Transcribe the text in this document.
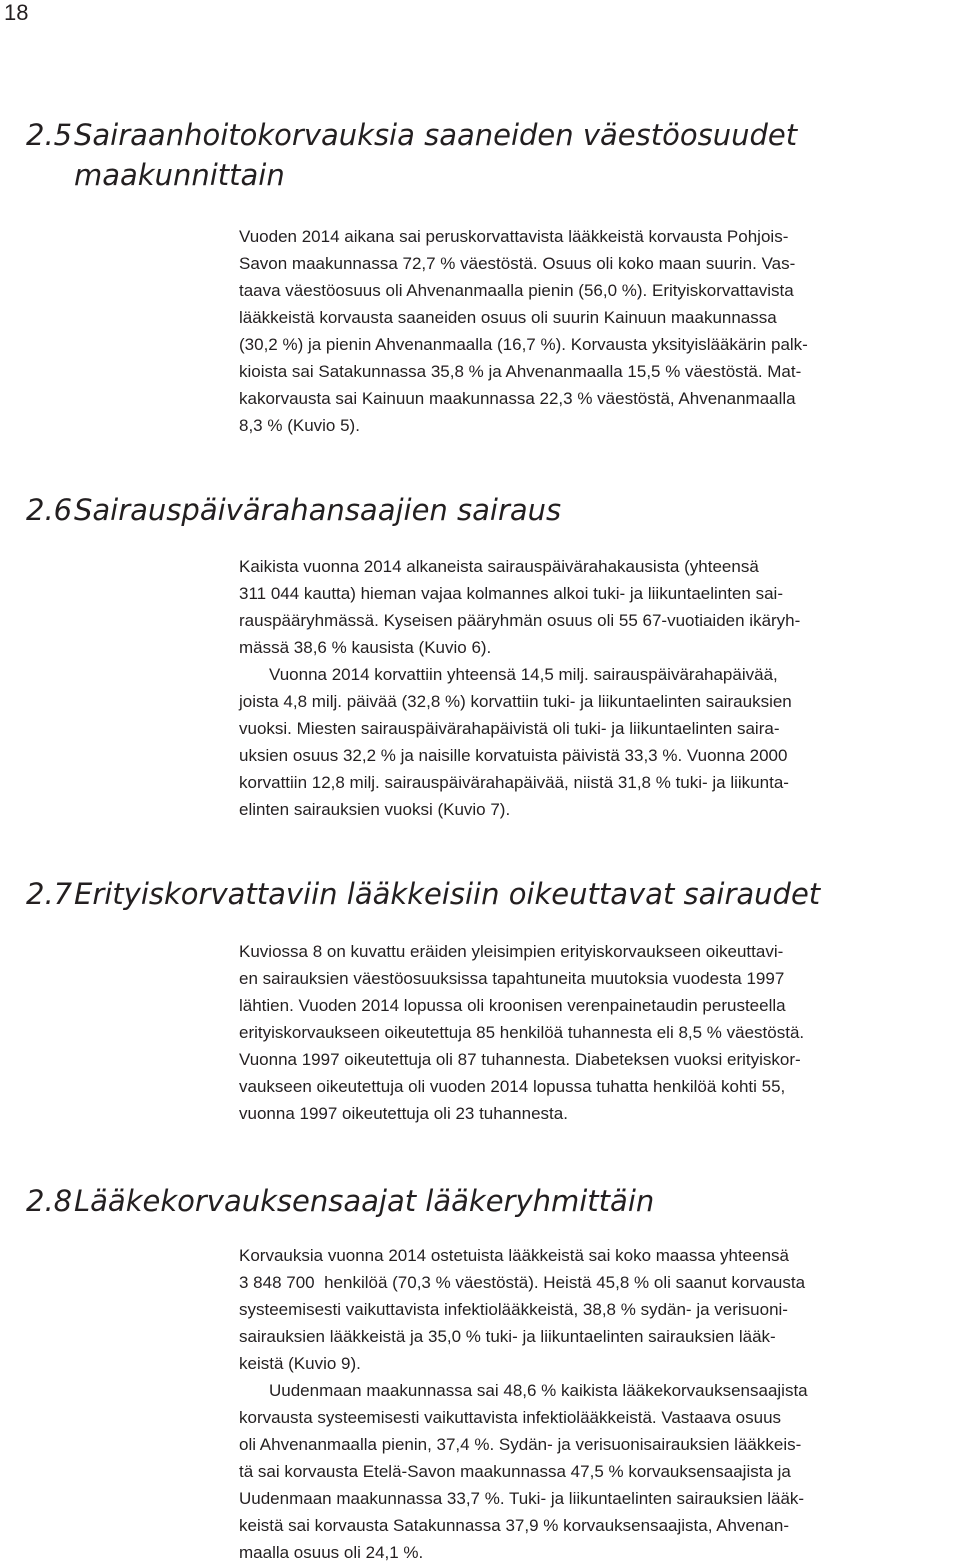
18
2.5Sairaanhoitokorvauksia saaneiden väestöosuudet
maakunnittain

Vuoden 2014 aikana sai peruskorvattavista lääkkeistä korvausta Pohjois-
Savon maakunnassa 72,7 % väestöstä. Osuus oli koko maan suurin. Vas-
taava väestöosuus oli Ahvenanmaalla pienin (56,0 %). Erityiskorvattavista
lääkkeistä korvausta saaneiden osuus oli suurin Kainuun maakunnassa
(30,2 %) ja pienin Ahvenanmaalla (16,7 %). Korvausta yksityislääkärin palk-
kioista sai Satakunnassa 35,8 % ja Ahvenanmaalla 15,5 % väestöstä. Mat-
kakorvausta sai Kainuun maakunnassa 22,3 % väestöstä, Ahvenanmaalla
8,3 % (Kuvio 5).

2.6Sairauspäivärahansaajien sairaus

Kaikista vuonna 2014 alkaneista sairauspäivärahakausista (yhteensä
311 044 kautta) hieman vajaa kolmannes alkoi tuki- ja liikuntaelinten sai-
rauspääryhmässä. Kyseisen pääryhmän osuus oli 55 67-vuotiaiden ikäryh-
mässä 38,6 % kausista (Kuvio 6).

Vuonna 2014 korvattiin yhteensä 14,5 milj. sairauspäivärahapäivää,
joista 4,8 milj. päivää (32,8 %) korvattiin tuki- ja liikuntaelinten sairauksien
vuoksi. Miesten sairauspäivärahapäivistä oli tuki- ja liikuntaelinten saira-
uksien osuus 32,2 % ja naisille korvatuista päivistä 33,3 %. Vuonna 2000
korvattiin 12,8 milj. sairauspäivärahapäivää, niistä 31,8 % tuki- ja liikunta-
elinten sairauksien vuoksi (Kuvio 7).

2.7Erityiskorvattaviin lääkkeisiin oikeuttavat sairaudet

Kuviossa 8 on kuvattu eräiden yleisimpien erityiskorvaukseen oikeuttavi-
en sairauksien väestöosuuksissa tapahtuneita muutoksia vuodesta 1997
lähtien. Vuoden 2014 lopussa oli kroonisen verenpainetaudin perusteella
erityiskorvaukseen oikeutettuja 85 henkilöä tuhannesta eli 8,5 % väestöstä.
Vuonna 1997 oikeutettuja oli 87 tuhannesta. Diabeteksen vuoksi erityiskor-
vaukseen oikeutettuja oli vuoden 2014 lopussa tuhatta henkilöä kohti 55,
vuonna 1997 oikeutettuja oli 23 tuhannesta.

2.8Lääkekorvauksensaajat lääkeryhmittäin

Korvauksia vuonna 2014 ostetuista lääkkeistä sai koko maassa yhteensä
3 848 700  henkilöä (70,3 % väestöstä). Heistä 45,8 % oli saanut korvausta
systeemisesti vaikuttavista infektiolääkkeistä, 38,8 % sydän- ja verisuoni-
sairauksien lääkkeistä ja 35,0 % tuki- ja liikuntaelinten sairauksien lääk-
keistä (Kuvio 9).

Uudenmaan maakunnassa sai 48,6 % kaikista lääkekorvauksensaajista
korvausta systeemisesti vaikuttavista infektiolääkkeistä. Vastaava osuus
oli Ahvenanmaalla pienin, 37,4 %. Sydän- ja verisuonisairauksien lääkkeis-
tä sai korvausta Etelä-Savon maakunnassa 47,5 % korvauksensaajista ja
Uudenmaan maakunnassa 33,7 %. Tuki- ja liikuntaelinten sairauksien lääk-
keistä sai korvausta Satakunnassa 37,9 % korvauksensaajista, Ahvenan-
maalla osuus oli 24,1 %.
